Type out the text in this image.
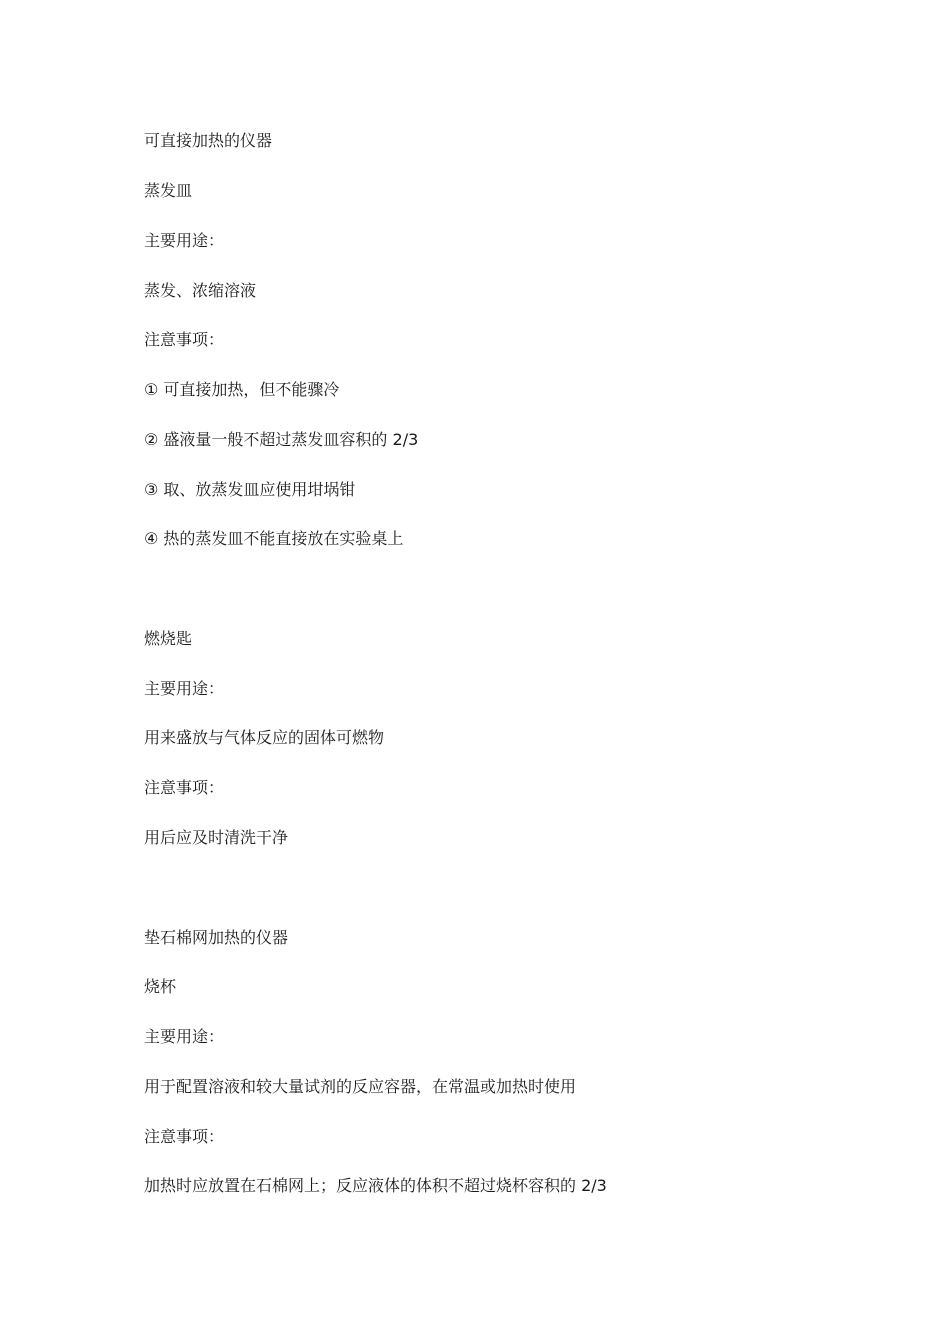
可直接加热的仪器
蒸发皿
主要用途：
蒸发、浓缩溶液
注意事项：
① 可直接加热，但不能骤冷
② 盛液量一般不超过蒸发皿容积的 2/3
③ 取、放蒸发皿应使用坩埚钳
④ 热的蒸发皿不能直接放在实验桌上
燃烧匙
主要用途：
用来盛放与气体反应的固体可燃物
注意事项：
用后应及时清洗干净
垫石棉网加热的仪器
烧杯
主要用途：
用于配置溶液和较大量试剂的反应容器，在常温或加热时使用
注意事项：
加热时应放置在石棉网上；反应液体的体积不超过烧杯容积的 2/3
